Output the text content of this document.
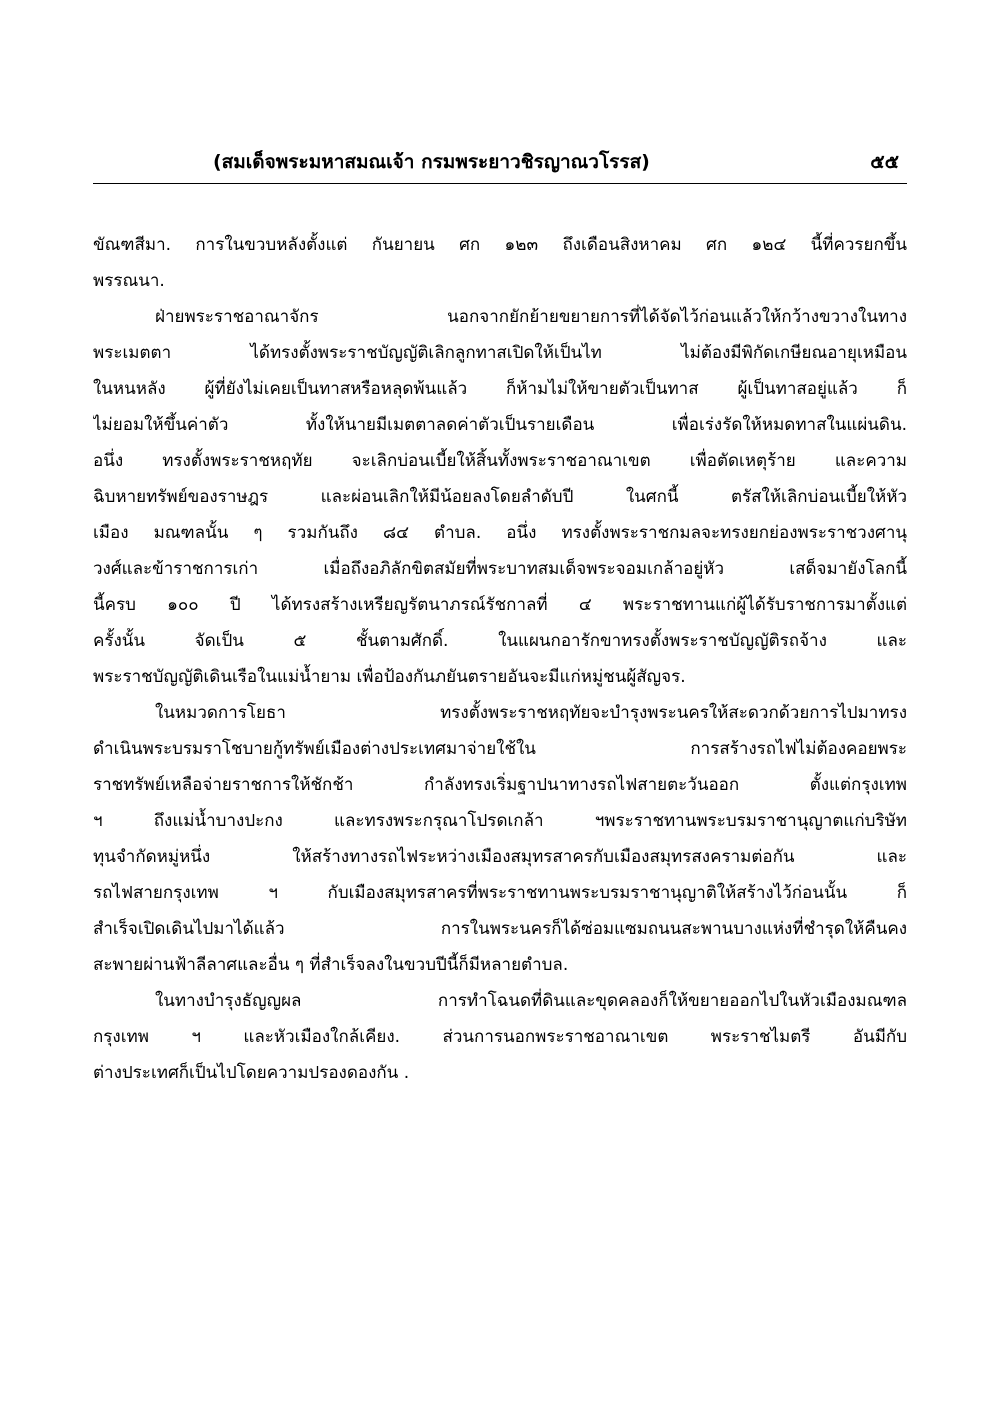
(สมเด็จพระมหาสมณเจ้า กรมพระยาวชิรญาณวโรรส)	๕๕
ขัณฑสีมา. การในขวบหลังตั้งแต่ กันยายน ศก ๑๒๓ ถึงเดือนสิงหาคม ศก ๑๒๔ นี้ที่ควรยกขึ้น
พรรณนา.
ฝ่ายพระราชอาณาจักร นอกจากยักย้ายขยายการที่ได้จัดไว้ก่อนแล้วให้กว้างขวางในทาง
พระเมตตา ได้ทรงตั้งพระราชบัญญัติเลิกลูกทาสเปิดให้เป็นไท ไม่ต้องมีพิกัดเกษียณอายุเหมือน
ในหนหลัง ผู้ที่ยังไม่เคยเป็นทาสหรือหลุดพ้นแล้ว ก็ห้ามไม่ให้ขายตัวเป็นทาส ผู้เป็นทาสอยู่แล้ว ก็
ไม่ยอมให้ขึ้นค่าตัว ทั้งให้นายมีเมตตาลดค่าตัวเป็นรายเดือน เพื่อเร่งรัดให้หมดทาสในแผ่นดิน.
อนึ่ง ทรงตั้งพระราชหฤทัย จะเลิกบ่อนเบี้ยให้สิ้นทั้งพระราชอาณาเขต เพื่อตัดเหตุร้าย และความ
ฉิบหายทรัพย์ของราษฎร และผ่อนเลิกให้มีน้อยลงโดยลำดับปี ในศกนี้ ตรัสให้เลิกบ่อนเบี้ยให้หัว
เมือง มณฑลนั้น ๆ รวมกันถึง ๘๔ ตำบล. อนึ่ง ทรงตั้งพระราชกมลจะทรงยกย่องพระราชวงศานุ
วงศ์และข้าราชการเก่า เมื่อถึงอภิลักขิตสมัยที่พระบาทสมเด็จพระจอมเกล้าอยู่หัว เสด็จมายังโลกนี้
นี้ครบ ๑๐๐ ปี ได้ทรงสร้างเหรียญรัตนาภรณ์รัชกาลที่ ๔ พระราชทานแก่ผู้ได้รับราชการมาตั้งแต่
ครั้งนั้น จัดเป็น ๕ ชั้นตามศักดิ์. ในแผนกอารักขาทรงตั้งพระราชบัญญัติรถจ้าง และ
พระราชบัญญัติเดินเรือในแม่น้ำยาม เพื่อป้องกันภยันตรายอันจะมีแก่หมู่ชนผู้สัญจร.
ในหมวดการโยธา ทรงตั้งพระราชหฤทัยจะบำรุงพระนครให้สะดวกด้วยการไปมาทรง
ดำเนินพระบรมราโชบายกู้ทรัพย์เมืองต่างประเทศมาจ่ายใช้ใน การสร้างรถไฟไม่ต้องคอยพระ
ราชทรัพย์เหลือจ่ายราชการให้ชักช้า กำลังทรงเริ่มฐาปนาทางรถไฟสายตะวันออก ตั้งแต่กรุงเทพ
ฯ ถึงแม่น้ำบางปะกง และทรงพระกรุณาโปรดเกล้า ฯพระราชทานพระบรมราชานุญาตแก่บริษัท
ทุนจำกัดหมู่หนึ่ง ให้สร้างทางรถไฟระหว่างเมืองสมุทรสาครกับเมืองสมุทรสงครามต่อกัน และ
รถไฟสายกรุงเทพ ฯ กับเมืองสมุทรสาครที่พระราชทานพระบรมราชานุญาติให้สร้างไว้ก่อนนั้น ก็
สำเร็จเปิดเดินไปมาได้แล้ว การในพระนครก็ได้ซ่อมแซมถนนสะพานบางแห่งที่ชำรุดให้คืนคง
สะพายผ่านฟ้าลีลาศและอื่น ๆ ที่สำเร็จลงในขวบปีนี้ก็มีหลายตำบล.
ในทางบำรุงธัญญผล การทำโฉนดที่ดินและขุดคลองก็ให้ขยายออกไปในหัวเมืองมณฑล
กรุงเทพ ฯ และหัวเมืองใกล้เคียง. ส่วนการนอกพระราชอาณาเขต พระราชไมตรี อันมีกับ
ต่างประเทศก็เป็นไปโดยความปรองดองกัน .
